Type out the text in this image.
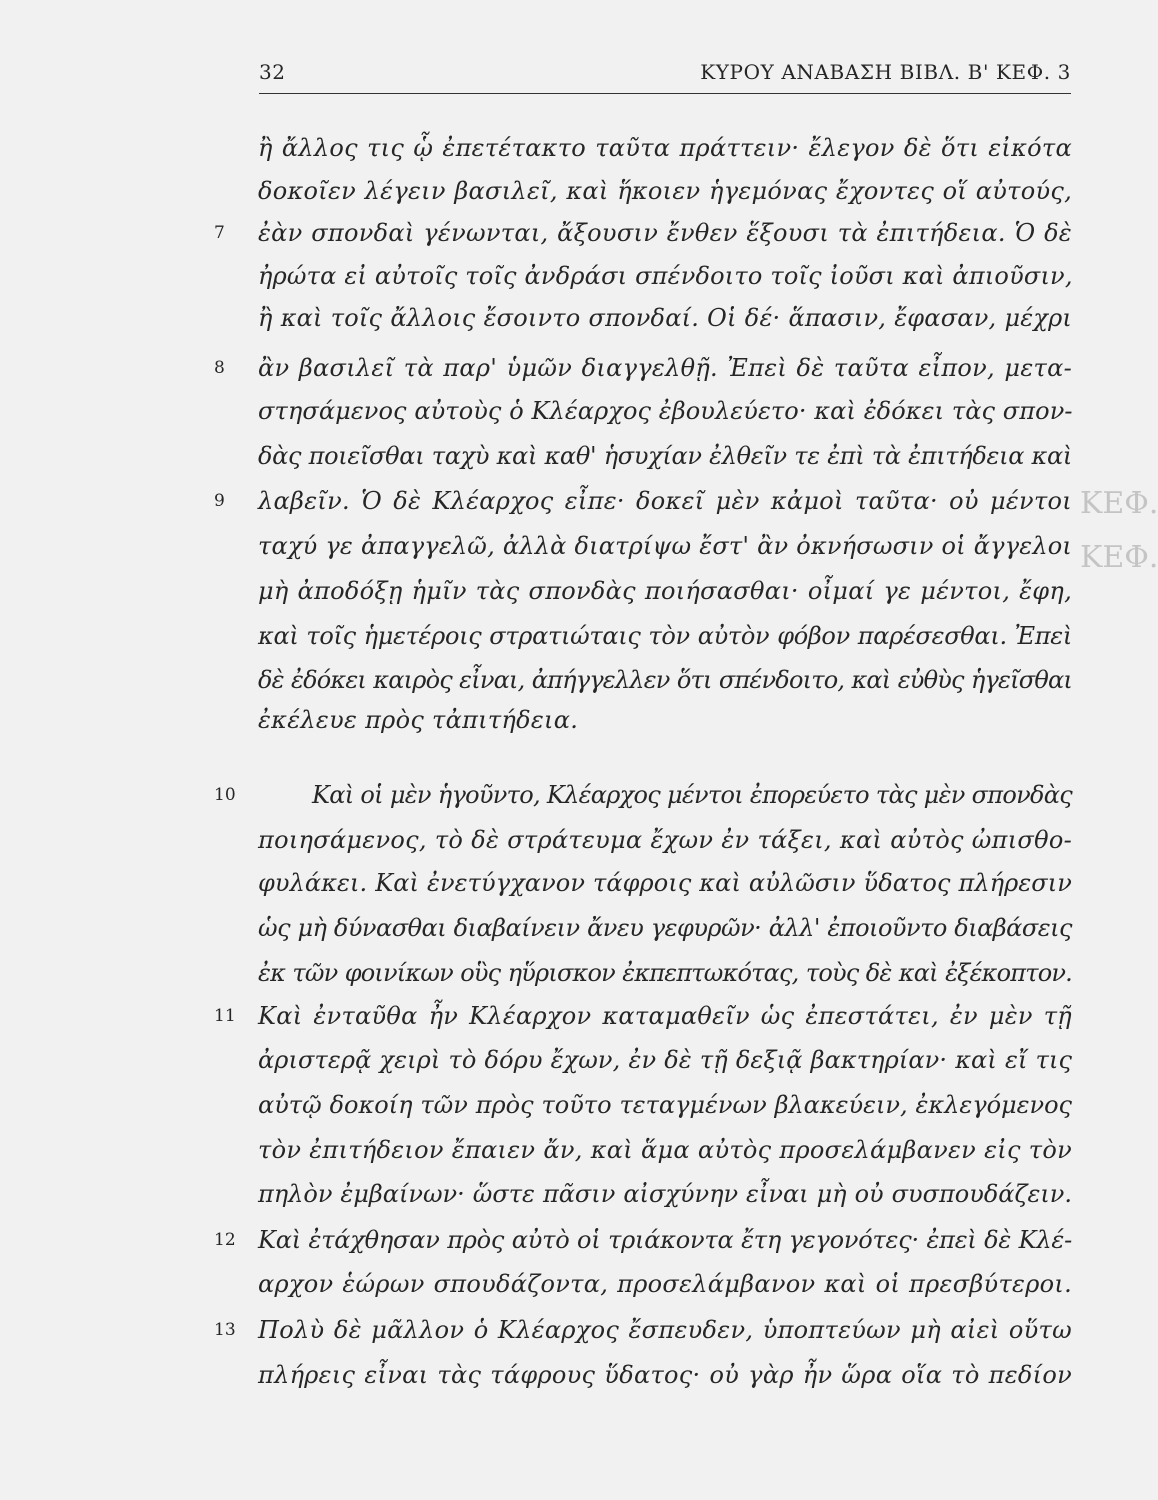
ΚΕΦ.
ΚΕΦ.
32	ΚΥΡΟΥ ΑΝΑΒΑΣΗ ΒΙΒΛ. Β' ΚΕΦ. 3
ἢ ἄλλος τις ᾧ ἐπετέτακτο ταῦτα πράττειν· ἔλεγον δὲ ὅτι εἰκότα
δοκοῖεν λέγειν βασιλεῖ, καὶ ἥκοιεν ἡγεμόνας ἔχοντες οἵ αὐτούς,
7 ἐὰν σπονδαὶ γένωνται, ἄξουσιν ἔνθεν ἕξουσι τὰ ἐπιτήδεια. Ὁ δὲ
ἠρώτα εἰ αὐτοῖς τοῖς ἀνδράσι σπένδοιτο τοῖς ἰοῦσι καὶ ἀπιοῦσιν,
ἢ καὶ τοῖς ἄλλοις ἔσοιντο σπονδαί. Οἱ δέ· ἅπασιν, ἔφασαν, μέχρι
8 ἂν βασιλεῖ τὰ παρ' ὑμῶν διαγγελθῇ. Ἐπεὶ δὲ ταῦτα εἶπον, μετα-
στησάμενος αὐτοὺς ὁ Κλέαρχος ἐβουλεύετο· καὶ ἐδόκει τὰς σπον-
δὰς ποιεῖσθαι ταχὺ καὶ καθ' ἡσυχίαν ἐλθεῖν τε ἐπὶ τὰ ἐπιτήδεια καὶ
9 λαβεῖν. Ὁ δὲ Κλέαρχος εἶπε· δοκεῖ μὲν κἀμοὶ ταῦτα· οὐ μέντοι
ταχύ γε ἀπαγγελῶ, ἀλλὰ διατρίψω ἔστ' ἂν ὀκνήσωσιν οἱ ἄγγελοι
μὴ ἀποδόξῃ ἡμῖν τὰς σπονδὰς ποιήσασθαι· οἶμαί γε μέντοι, ἔφη,
καὶ τοῖς ἡμετέροις στρατιώταις τὸν αὐτὸν φόβον παρέσεσθαι. Ἐπεὶ
δὲ ἐδόκει καιρὸς εἶναι, ἀπήγγελλεν ὅτι σπένδοιτο, καὶ εὐθὺς ἡγεῖσθαι
ἐκέλευε πρὸς τἀπιτήδεια.
10	Καὶ οἱ μὲν ἡγοῦντο, Κλέαρχος μέντοι ἐπορεύετο τὰς μὲν σπονδὰς
ποιησάμενος, τὸ δὲ στράτευμα ἔχων ἐν τάξει, καὶ αὐτὸς ὠπισθο-
φυλάκει. Καὶ ἐνετύγχανον τάφροις καὶ αὐλῶσιν ὕδατος πλήρεσιν
ὡς μὴ δύνασθαι διαβαίνειν ἄνευ γεφυρῶν· ἀλλ' ἐποιοῦντο διαβάσεις
ἐκ τῶν φοινίκων οὓς ηὕρισκον ἐκπεπτωκότας, τοὺς δὲ καὶ ἐξέκοπτον.
11 Καὶ ἐνταῦθα ἦν Κλέαρχον καταμαθεῖν ὡς ἐπεστάτει, ἐν μὲν τῇ
ἀριστερᾷ χειρὶ τὸ δόρυ ἔχων, ἐν δὲ τῇ δεξιᾷ βακτηρίαν· καὶ εἴ τις
αὐτῷ δοκοίη τῶν πρὸς τοῦτο τεταγμένων βλακεύειν, ἐκλεγόμενος
τὸν ἐπιτήδειον ἔπαιεν ἄν, καὶ ἅμα αὐτὸς προσελάμβανεν εἰς τὸν
πηλὸν ἐμβαίνων· ὥστε πᾶσιν αἰσχύνην εἶναι μὴ οὐ συσπουδάζειν.
12 Καὶ ἐτάχθησαν πρὸς αὐτὸ οἱ τριάκοντα ἔτη γεγονότες· ἐπεὶ δὲ Κλέ-
αρχον ἑώρων σπουδάζοντα, προσελάμβανον καὶ οἱ πρεσβύτεροι.
13 Πολὺ δὲ μᾶλλον ὁ Κλέαρχος ἔσπευδεν, ὑποπτεύων μὴ αἰεὶ οὕτω
πλήρεις εἶναι τὰς τάφρους ὕδατος· οὐ γὰρ ἦν ὥρα οἵα τὸ πεδίον
